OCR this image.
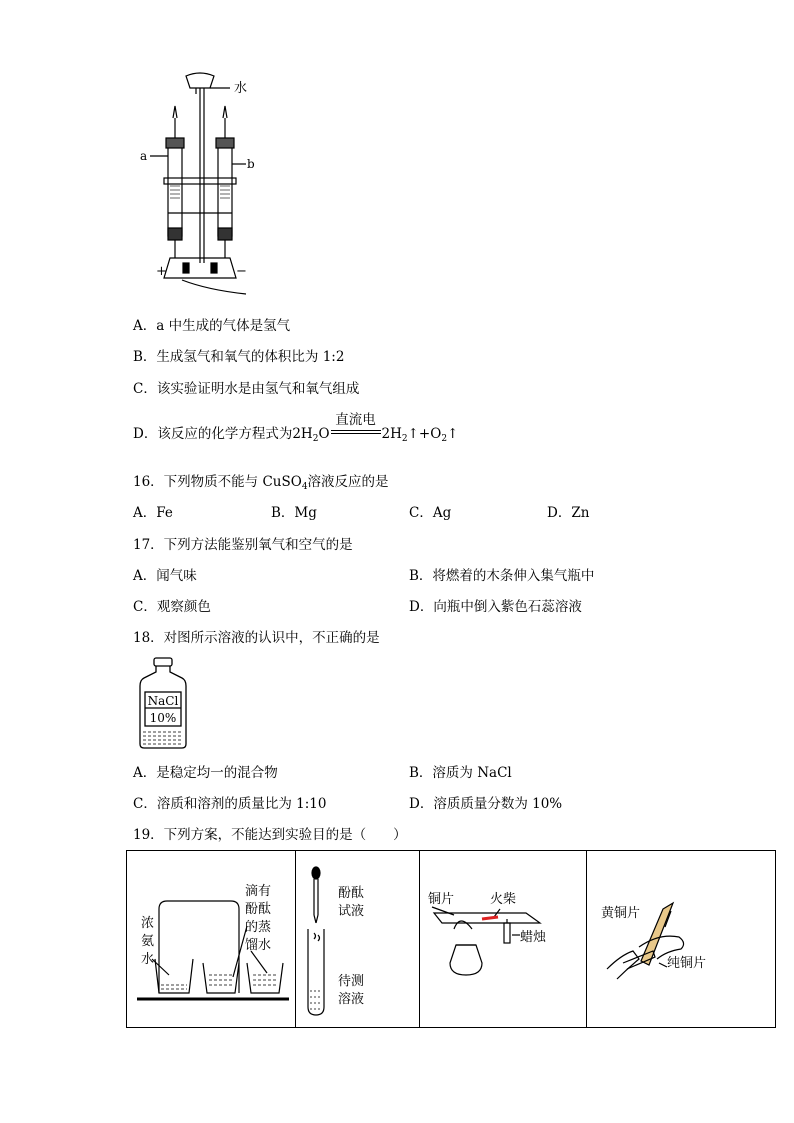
水
a
b
+	−
A．a 中生成的气体是氢气
B．生成氢气和氧气的体积比为 1:2
C．该实验证明水是由氢气和氧气组成
D．该反应的化学方程式为$2H_2O$
直流电
$2H_2↑+O_2↑$
16．下列物质不能与 CuSO$_4$溶液反应的是
A．Fe	B．Mg	C．Ag	D．Zn
17．下列方法能鉴别氧气和空气的是
A．闻气味	B．将燃着的木条伸入集气瓶中
C．观察颜色	D．向瓶中倒入紫色石蕊溶液
18．对图所示溶液的认识中，不正确的是
NaCl
10%
A．是稳定均一的混合物	B．溶质为 NaCl
C．溶质和溶剂的质量比为 1:10	D．溶质质量分数为 10%
19．下列方案，不能达到实验目的是（　　）
浓
氨
水
滴有
酚酞
的蒸
馏水

酚酞
试液
待测
溶液

铜片	火柴
蜡烛

黄铜片
纯铜片
